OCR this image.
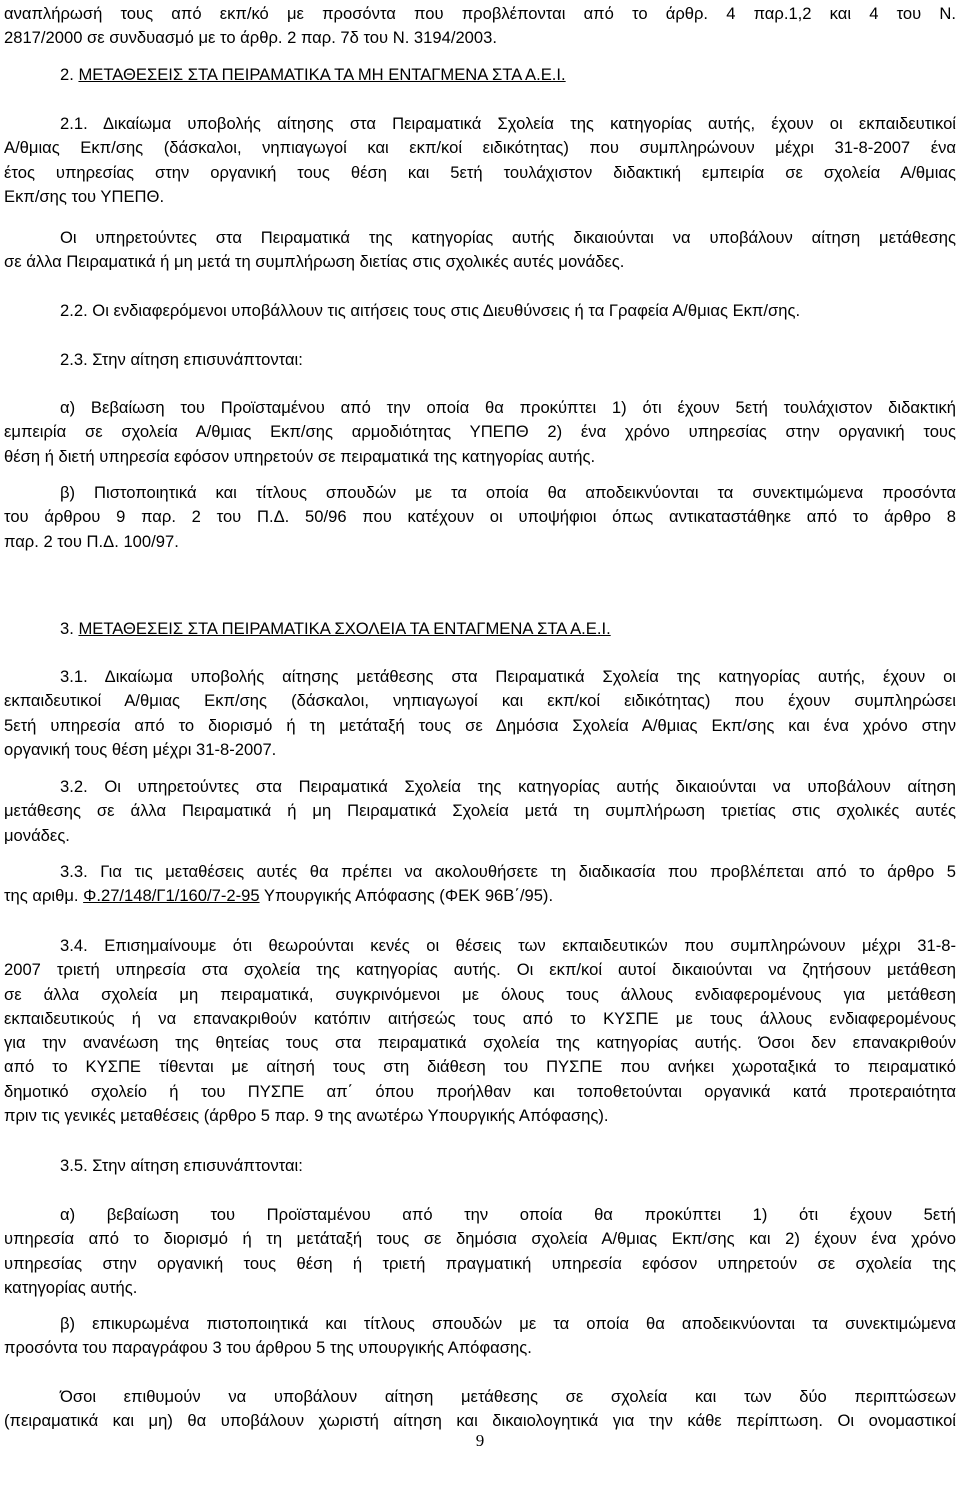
αναπλήρωσή τους από εκπ/κό με προσόντα που προβλέπονται από το άρθρ. 4 παρ.1,2 και 4 του Ν.
2817/2000 σε συνδυασμό με το άρθρ. 2 παρ. 7δ του Ν. 3194/2003.

2. ΜΕΤΑΘΕΣΕΙΣ ΣΤΑ ΠΕΙΡΑΜΑΤΙΚΑ ΤΑ ΜΗ ΕΝΤΑΓΜΕΝΑ ΣΤΑ Α.Ε.Ι.

2.1. Δικαίωμα υποβολής αίτησης στα Πειραματικά Σχολεία της κατηγορίας αυτής, έχουν οι εκπαιδευτικοί
Α/θμιας Εκπ/σης (δάσκαλοι, νηπιαγωγοί και εκπ/κοί ειδικότητας) που συμπληρώνουν μέχρι 31-8-2007 ένα
έτος υπηρεσίας στην οργανική τους θέση και 5ετή τουλάχιστον διδακτική εμπειρία σε σχολεία Α/θμιας
Εκπ/σης του ΥΠΕΠΘ.

Οι υπηρετούντες στα Πειραματικά της κατηγορίας αυτής δικαιούνται να υποβάλουν αίτηση μετάθεσης
σε άλλα Πειραματικά ή μη μετά τη συμπλήρωση διετίας στις σχολικές αυτές μονάδες.

2.2. Οι ενδιαφερόμενοι υποβάλλουν τις αιτήσεις τους στις Διευθύνσεις ή τα Γραφεία Α/θμιας Εκπ/σης.

2.3. Στην αίτηση επισυνάπτονται:

α) Βεβαίωση του Προϊσταμένου από την οποία θα προκύπτει 1) ότι έχουν 5ετή τουλάχιστον διδακτική
εμπειρία σε σχολεία Α/θμιας Εκπ/σης αρμοδιότητας ΥΠΕΠΘ 2) ένα χρόνο υπηρεσίας στην οργανική τους
θέση ή διετή υπηρεσία εφόσον υπηρετούν σε πειραματικά της κατηγορίας αυτής.

β) Πιστοποιητικά και τίτλους σπουδών με τα οποία θα αποδεικνύονται τα συνεκτιμώμενα προσόντα
του άρθρου 9 παρ. 2 του Π.Δ. 50/96 που κατέχουν οι υποψήφιοι όπως αντικαταστάθηκε από το άρθρο 8
παρ. 2 του Π.Δ. 100/97.

3. ΜΕΤΑΘΕΣΕΙΣ ΣΤΑ ΠΕΙΡΑΜΑΤΙΚΑ ΣΧΟΛΕΙΑ ΤΑ ΕΝΤΑΓΜΕΝΑ ΣΤΑ Α.Ε.Ι.

3.1. Δικαίωμα υποβολής αίτησης μετάθεσης στα Πειραματικά Σχολεία της κατηγορίας αυτής, έχουν οι
εκπαιδευτικοί Α/θμιας Εκπ/σης (δάσκαλοι, νηπιαγωγοί και εκπ/κοί ειδικότητας) που έχουν συμπληρώσει
5ετή υπηρεσία από το διορισμό ή τη μετάταξή τους σε Δημόσια Σχολεία Α/θμιας Εκπ/σης και ένα χρόνο στην
οργανική τους θέση μέχρι 31-8-2007.

3.2. Οι υπηρετούντες στα Πειραματικά Σχολεία της κατηγορίας αυτής δικαιούνται να υποβάλουν αίτηση
μετάθεσης σε άλλα Πειραματικά ή μη Πειραματικά Σχολεία μετά τη συμπλήρωση τριετίας στις σχολικές αυτές
μονάδες.

3.3. Για τις μεταθέσεις αυτές θα πρέπει να ακολουθήσετε τη διαδικασία που προβλέπεται από το άρθρο 5
της αριθμ. Φ.27/148/Γ1/160/7-2-95 Υπουργικής Απόφασης (ΦΕΚ 96Β΄/95).

3.4. Επισημαίνουμε ότι θεωρούνται κενές οι θέσεις των εκπαιδευτικών που συμπληρώνουν μέχρι 31-8-
2007 τριετή υπηρεσία στα σχολεία της κατηγορίας αυτής. Οι εκπ/κοί αυτοί δικαιούνται να ζητήσουν μετάθεση
σε άλλα σχολεία μη πειραματικά, συγκρινόμενοι με όλους τους άλλους ενδιαφερομένους για μετάθεση
εκπαιδευτικούς ή να επανακριθούν κατόπιν αιτήσεώς τους από το ΚΥΣΠΕ με τους άλλους ενδιαφερομένους
για την ανανέωση της θητείας τους στα πειραματικά σχολεία της κατηγορίας αυτής. Όσοι δεν επανακριθούν
από το ΚΥΣΠΕ τίθενται με αίτησή τους στη διάθεση του ΠΥΣΠΕ που ανήκει χωροταξικά το πειραματικό
δημοτικό σχολείο ή του ΠΥΣΠΕ απ΄ όπου προήλθαν και τοποθετούνται οργανικά κατά προτεραιότητα
πριν τις γενικές μεταθέσεις (άρθρο 5 παρ. 9 της ανωτέρω Υπουργικής Απόφασης).

3.5. Στην αίτηση επισυνάπτονται:

α) βεβαίωση του Προϊσταμένου από την οποία θα προκύπτει 1) ότι έχουν 5ετή
υπηρεσία από το διορισμό ή τη μετάταξή τους σε δημόσια σχολεία Α/θμιας Εκπ/σης και 2) έχουν ένα χρόνο
υπηρεσίας στην οργανική τους θέση ή τριετή πραγματική υπηρεσία εφόσον υπηρετούν σε σχολεία της
κατηγορίας αυτής.

β) επικυρωμένα πιστοποιητικά και τίτλους σπουδών με τα οποία θα αποδεικνύονται τα συνεκτιμώμενα
προσόντα του παραγράφου 3 του άρθρου 5 της υπουργικής Απόφασης.

Όσοι επιθυμούν να υποβάλουν αίτηση μετάθεσης σε σχολεία και των δύο περιπτώσεων
(πειραματικά και μη) θα υποβάλουν χωριστή αίτηση και δικαιολογητικά για την κάθε περίπτωση. Οι ονομαστικοί

9
